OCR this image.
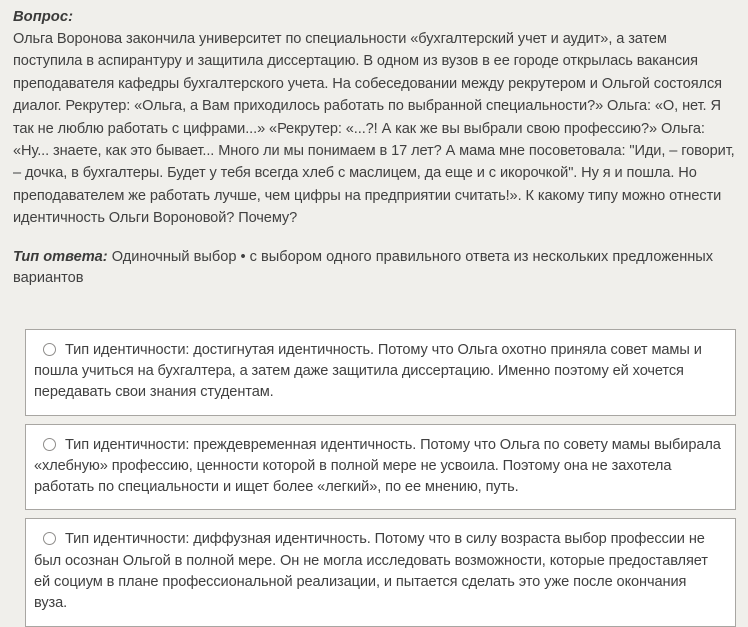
Вопрос:
Ольга Воронова закончила университет по специальности «бухгалтерский учет и аудит», а затем поступила в аспирантуру и защитила диссертацию. В одном из вузов в ее городе открылась вакансия преподавателя кафедры бухгалтерского учета. На собеседовании между рекрутером и Ольгой состоялся диалог. Рекрутер: «Ольга, а Вам приходилось работать по выбранной специальности?» Ольга: «О, нет. Я так не люблю работать с цифрами...» «Рекрутер: «...?! А как же вы выбрали свою профессию?» Ольга: «Ну... знаете, как это бывает... Много ли мы понимаем в 17 лет? А мама мне посоветовала: "Иди, – говорит, – дочка, в бухгалтеры. Будет у тебя всегда хлеб с маслицем, да еще и с икорочкой". Ну я и пошла. Но преподавателем же работать лучше, чем цифры на предприятии считать!». К какому типу можно отнести идентичность Ольги Вороновой? Почему?
Тип ответа: Одиночный выбор • с выбором одного правильного ответа из нескольких предложенных вариантов
Тип идентичности: достигнутая идентичность. Потому что Ольга охотно приняла совет мамы и пошла учиться на бухгалтера, а затем даже защитила диссертацию. Именно поэтому ей хочется передавать свои знания студентам.
Тип идентичности: преждевременная идентичность. Потому что Ольга по совету мамы выбирала «хлебную» профессию, ценности которой в полной мере не усвоила. Поэтому она не захотела работать по специальности и ищет более «легкий», по ее мнению, путь.
Тип идентичности: диффузная идентичность. Потому что в силу возраста выбор профессии не был осознан Ольгой в полной мере. Он не могла исследовать возможности, которые предоставляет ей социум в плане профессиональной реализации, и пытается сделать это уже после окончания вуза.
